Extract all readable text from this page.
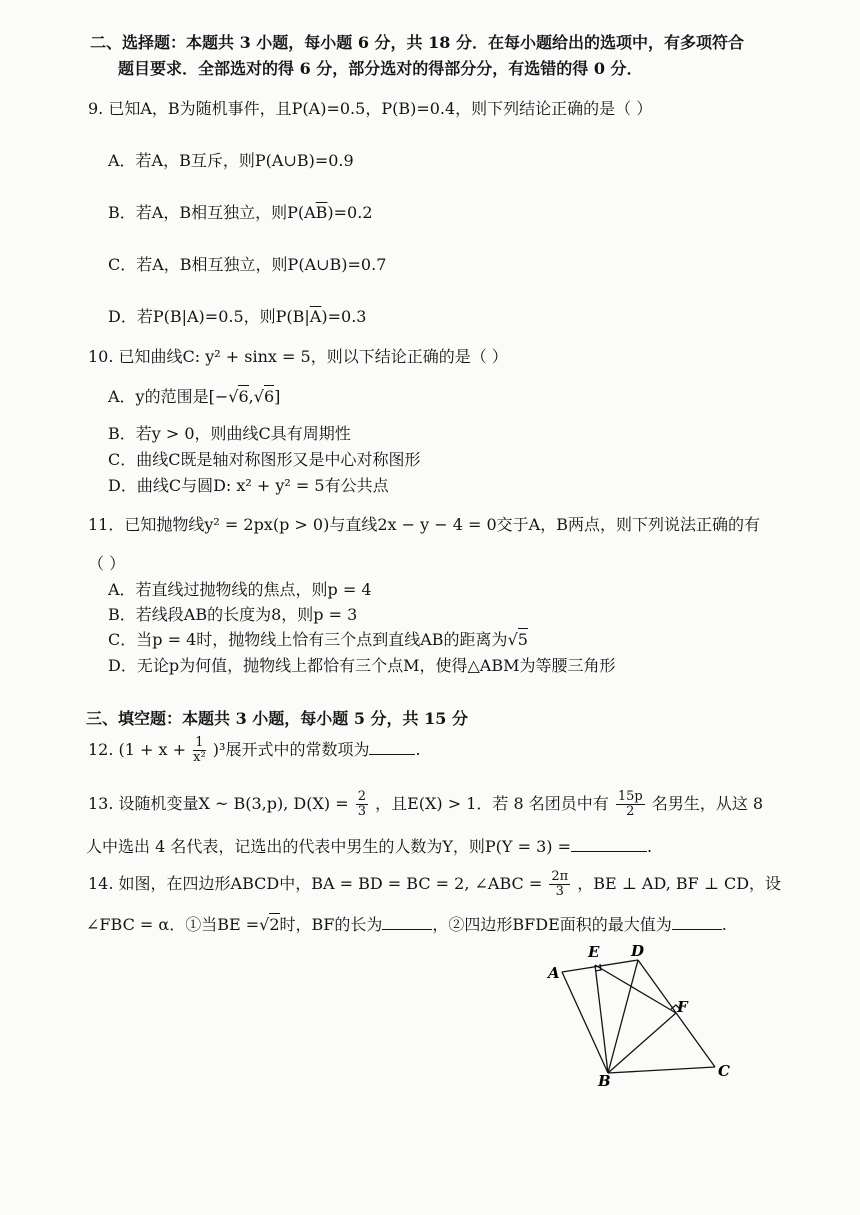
二、选择题：本题共 3 小题，每小题 6 分，共 18 分．在每小题给出的选项中，有多项符合
题目要求．全部选对的得 6 分，部分选对的得部分分，有选错的得 0 分．
9. 已知A，B为随机事件，且P(A)=0.5，P(B)=0.4，则下列结论正确的是（ ）
A．若A，B互斥，则P(A∪B)=0.9
B．若A，B相互独立，则$P(A\overline{B})=0.2$
C．若A，B相互独立，则P(A∪B)=0.7
D．若P(B|A)=0.5，则$P(B|\overline{A})=0.3$
10. 已知曲线C: y² + sinx = 5，则以下结论正确的是（ ）
A．y的范围是[−√6,√6]
B．若y > 0，则曲线C具有周期性
C．曲线C既是轴对称图形又是中心对称图形
D．曲线C与圆D: x² + y² = 5有公共点
11．已知抛物线y² = 2px(p > 0)与直线2x − y − 4 = 0交于A，B两点，则下列说法正确的有
（ ）
A．若直线过抛物线的焦点，则p = 4
B．若线段AB的长度为8，则p = 3
C．当p = 4时，抛物线上恰有三个点到直线AB的距离为√5
D．无论p为何值，抛物线上都恰有三个点M，使得△ABM为等腰三角形
三、填空题：本题共 3 小题，每小题 5 分，共 15 分
12. $(1 + x + \frac{1}{\text{x²}} )^3$展开式中的常数项为	.
13. 设随机变量X ~ B(3,p), $D(X) = \frac{2}{3}$ ，且E(X) > 1．若 8 名团员中有 $\frac{15p}{2}$ 名男生，从这 8
人中选出 4 名代表，记选出的代表中男生的人数为Y，则P(Y = 3) =	.
14. 如图，在四边形ABCD中，BA = BD = BC = 2, ∠ABC = $\frac{2\pi}{3}$ ，BE ⊥ AD, BF ⊥ CD，设
∠FBC = α．①当BE =√2时，BF的长为	，②四边形BFDE面积的最大值为	.
A
E D
F
B
C
